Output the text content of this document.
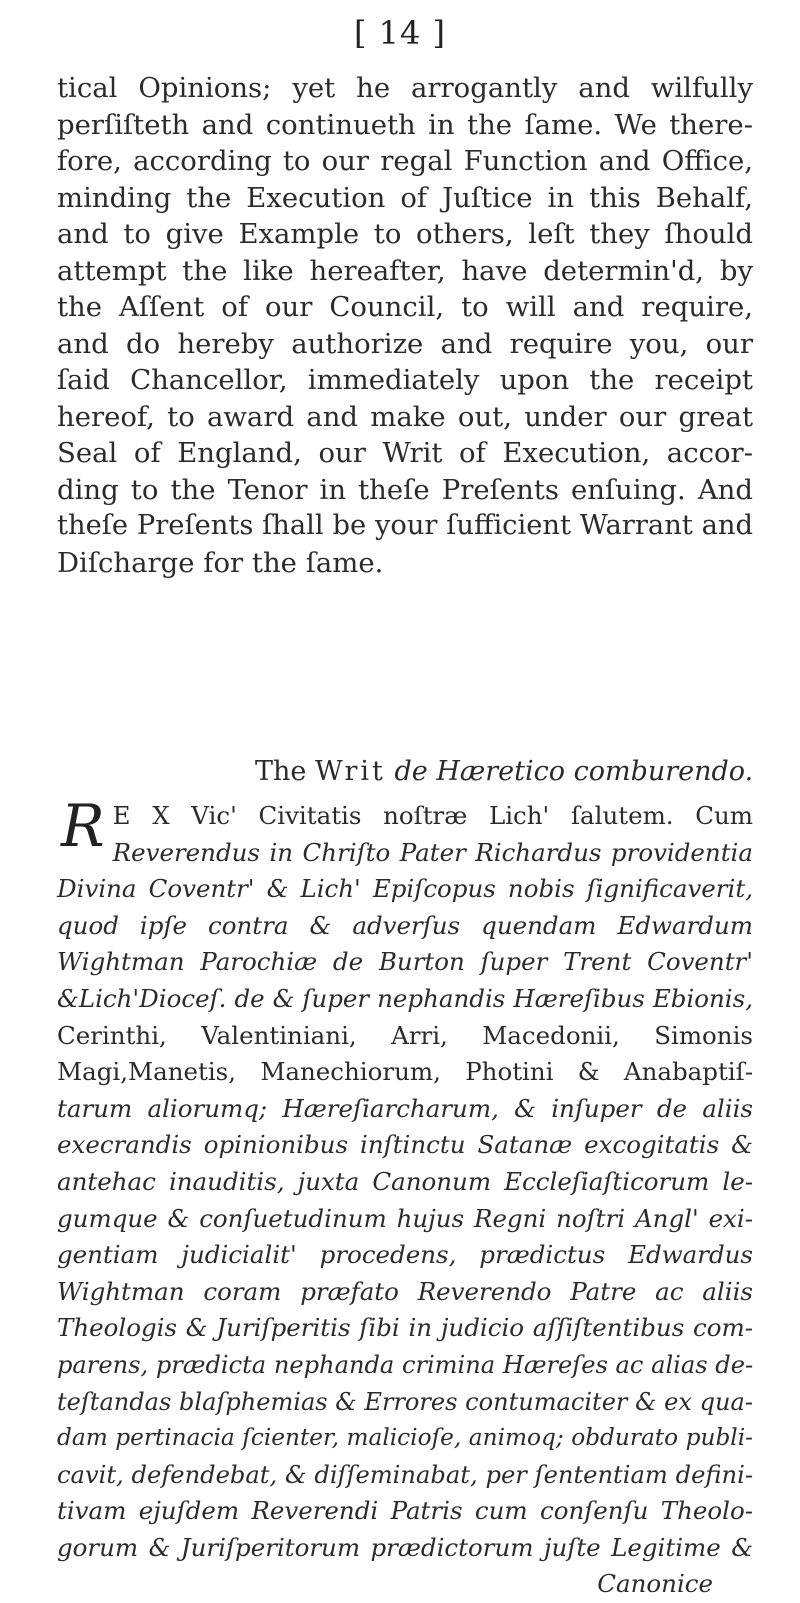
[ 14 ]
tical Opinions; yet he arrogantly and wilfully
perſiſteth and continueth in the ſame. We there-
fore, according to our regal Function and Office,
minding the Execution of Juſtice in this Behalf,
and to give Example to others, leſt they ſhould
attempt the like hereafter, have determin'd, by
the Aſſent of our Council, to will and require,
and do hereby authorize and require you, our
ſaid Chancellor, immediately upon the receipt
hereof, to award and make out, under our great
Seal of England, our Writ of Execution, accor-
ding to the Tenor in theſe Preſents enſuing. And
theſe Preſents ſhall be your ſufficient Warrant and
Diſcharge for the ſame.
The Writ de Hæretico comburendo.
R E X Vic' Civitatis noſtræ Lich' ſalutem. Cum
Reverendus in Chriſto Pater Richardus providentia
Divina Coventr' & Lich' Epiſcopus nobis ſignificaverit,
quod ipſe contra & adverſus quendam Edwardum
Wightman Parochiæ de Burton ſuper Trent Coventr'
&Lich'Dioceſ. de & ſuper nephandis Hæreſibus Ebionis,
Cerinthi, Valentiniani, Arri, Macedonii, Simonis
Magi,Manetis, Manechiorum, Photini & Anabaptiſ-
tarum aliorumq; Hæreſiarcharum, & inſuper de aliis
execrandis opinionibus inſtinctu Satanæ excogitatis &
antehac inauditis, juxta Canonum Eccleſiaſticorum le-
gumque & conſuetudinum hujus Regni noſtri Angl' exi-
gentiam judicialit' procedens, prædictus Edwardus
Wightman coram præfato Reverendo Patre ac aliis
Theologis & Juriſperitis ſibi in judicio aſſiſtentibus com-
parens, prædicta nephanda crimina Hæreſes ac alias de-
teſtandas blaſphemias & Errores contumaciter & ex qua-
dam pertinacia ſcienter, malicioſe, animoq; obdurato publi-
cavit, defendebat, & diſſeminabat, per ſententiam defini-
tivam ejuſdem Reverendi Patris cum conſenſu Theolo-
gorum & Juriſperitorum prædictorum juſte Legitime &
Canonice
